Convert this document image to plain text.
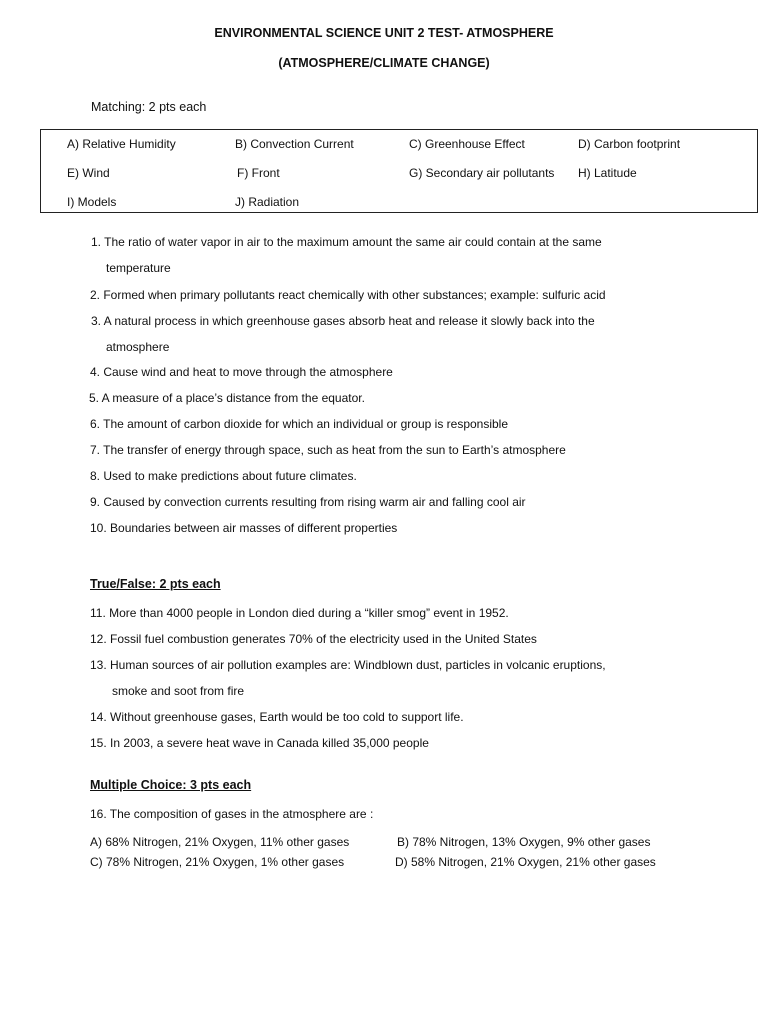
ENVIRONMENTAL SCIENCE UNIT 2 TEST- ATMOSPHERE
(ATMOSPHERE/CLIMATE CHANGE)
Matching: 2 pts each
A) Relative Humidity	B) Convection Current	C) Greenhouse Effect	D) Carbon footprint
E) Wind	F) Front	G) Secondary air pollutants H) Latitude
I) Models	J) Radiation
1. The ratio of water vapor in air to the maximum amount the same air could contain at the same
temperature
2. Formed when primary pollutants react chemically with other substances; example: sulfuric acid
3. A natural process in which greenhouse gases absorb heat and release it slowly back into the
atmosphere
4. Cause wind and heat to move through the atmosphere
5. A measure of a place’s distance from the equator.
6. The amount of carbon dioxide for which an individual or group is responsible
7. The transfer of energy through space, such as heat from the sun to Earth’s atmosphere
8. Used to make predictions about future climates.
9. Caused by convection currents resulting from rising warm air and falling cool air
10. Boundaries between air masses of different properties
True/False: 2 pts each
11. More than 4000 people in London died during a “killer smog” event in 1952.
12. Fossil fuel combustion generates 70% of the electricity used in the United States
13. Human sources of air pollution examples are: Windblown dust, particles in volcanic eruptions,
smoke and soot from fire
14. Without greenhouse gases, Earth would be too cold to support life.
15. In 2003, a severe heat wave in Canada killed 35,000 people
Multiple Choice: 3 pts each
16. The composition of gases in the atmosphere are :
A) 68% Nitrogen, 21% Oxygen, 11% other gases	B) 78% Nitrogen, 13% Oxygen, 9% other gases
C) 78% Nitrogen, 21% Oxygen, 1% other gases	D) 58% Nitrogen, 21% Oxygen, 21% other gases
